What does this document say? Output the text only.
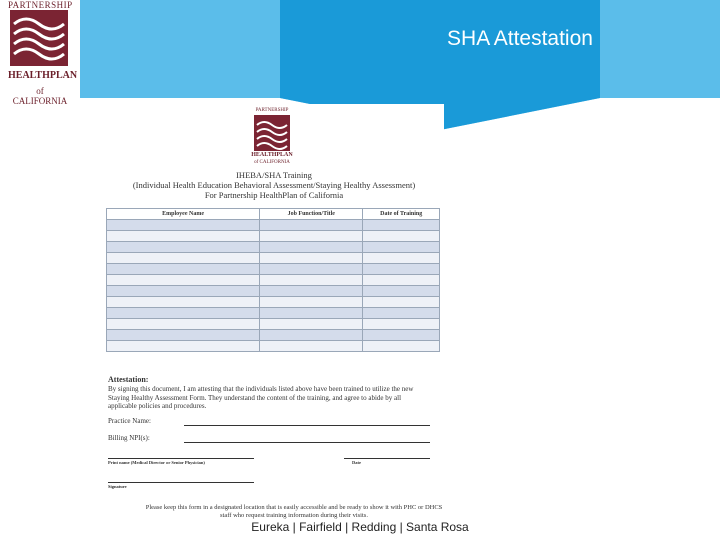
PARTNERSHIP
HEALTHPLAN
of CALIFORNIA
SHA Attestation
PARTNERSHIP
HEALTHPLAN
of CALIFORNIA
IHEBA/SHA Training
(Individual Health Education Behavioral Assessment/Staying Healthy Assessment)
For Partnership HealthPlan of California
Employee Name	Job Function/Title	Date of Training

Attestation:
By signing this document, I am attesting that the individuals listed above have been trained to utilize the new Staying Healthy Assessment Form. They understand the content of the training, and agree to abide by all applicable policies and procedures.
Practice Name:
Billing NPI(s):
Print name (Medical Director or Senior Physician)	Date
Signature
Please keep this form in a designated location that is easily accessible and be ready to show it with PHC or DHCS staff who request training information during their visits.
Eureka | Fairfield | Redding | Santa Rosa
